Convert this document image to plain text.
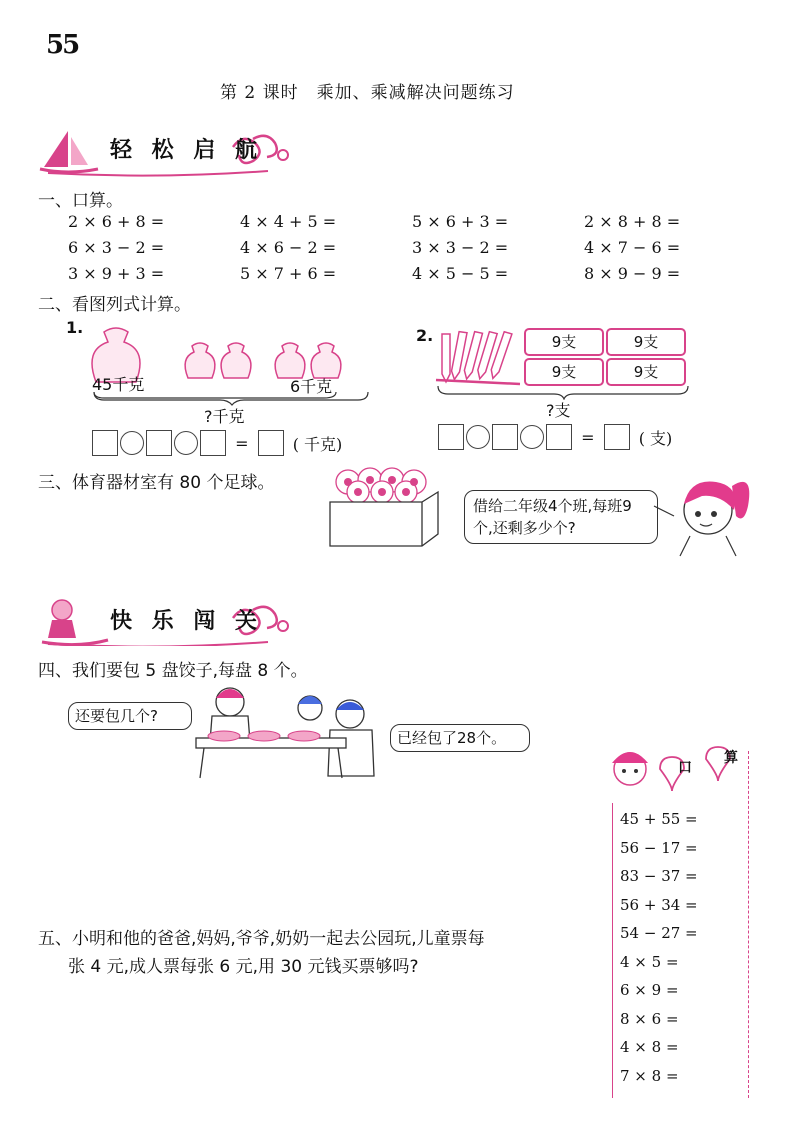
55
第 2 课时　乘加、乘减解决问题练习
轻 松 启 航
一、口算。
2 × 6 + 8 =	4 × 4 + 5 =	5 × 6 + 3 =	2 × 8 + 8 =
6 × 3 − 2 =	4 × 6 − 2 =	3 × 3 − 2 =	4 × 7 − 6 =
3 × 9 + 3 =	5 × 7 + 6 =	4 × 5 − 5 =	8 × 9 − 9 =
二、看图列式计算。
1.
45千克	6千克
?千克
=	( 千克)
2.	9支	9支
9支	9支
?支
=	( 支)
三、体育器材室有 80 个足球。
借给二年级4个班,每班9个,还剩多少个?
快 乐 闯 关
四、我们要包 5 盘饺子,每盘 8 个。
还要包几个?
已经包了28个。
五、小明和他的爸爸,妈妈,爷爷,奶奶一起去公园玩,儿童票每
张 4 元,成人票每张 6 元,用 30 元钱买票够吗?
口
算
45 + 55 =
56 − 17 =
83 − 37 =
56 + 34 =
54 − 27 =
4 × 5 =
6 × 9 =
8 × 6 =
4 × 8 =
7 × 8 =
